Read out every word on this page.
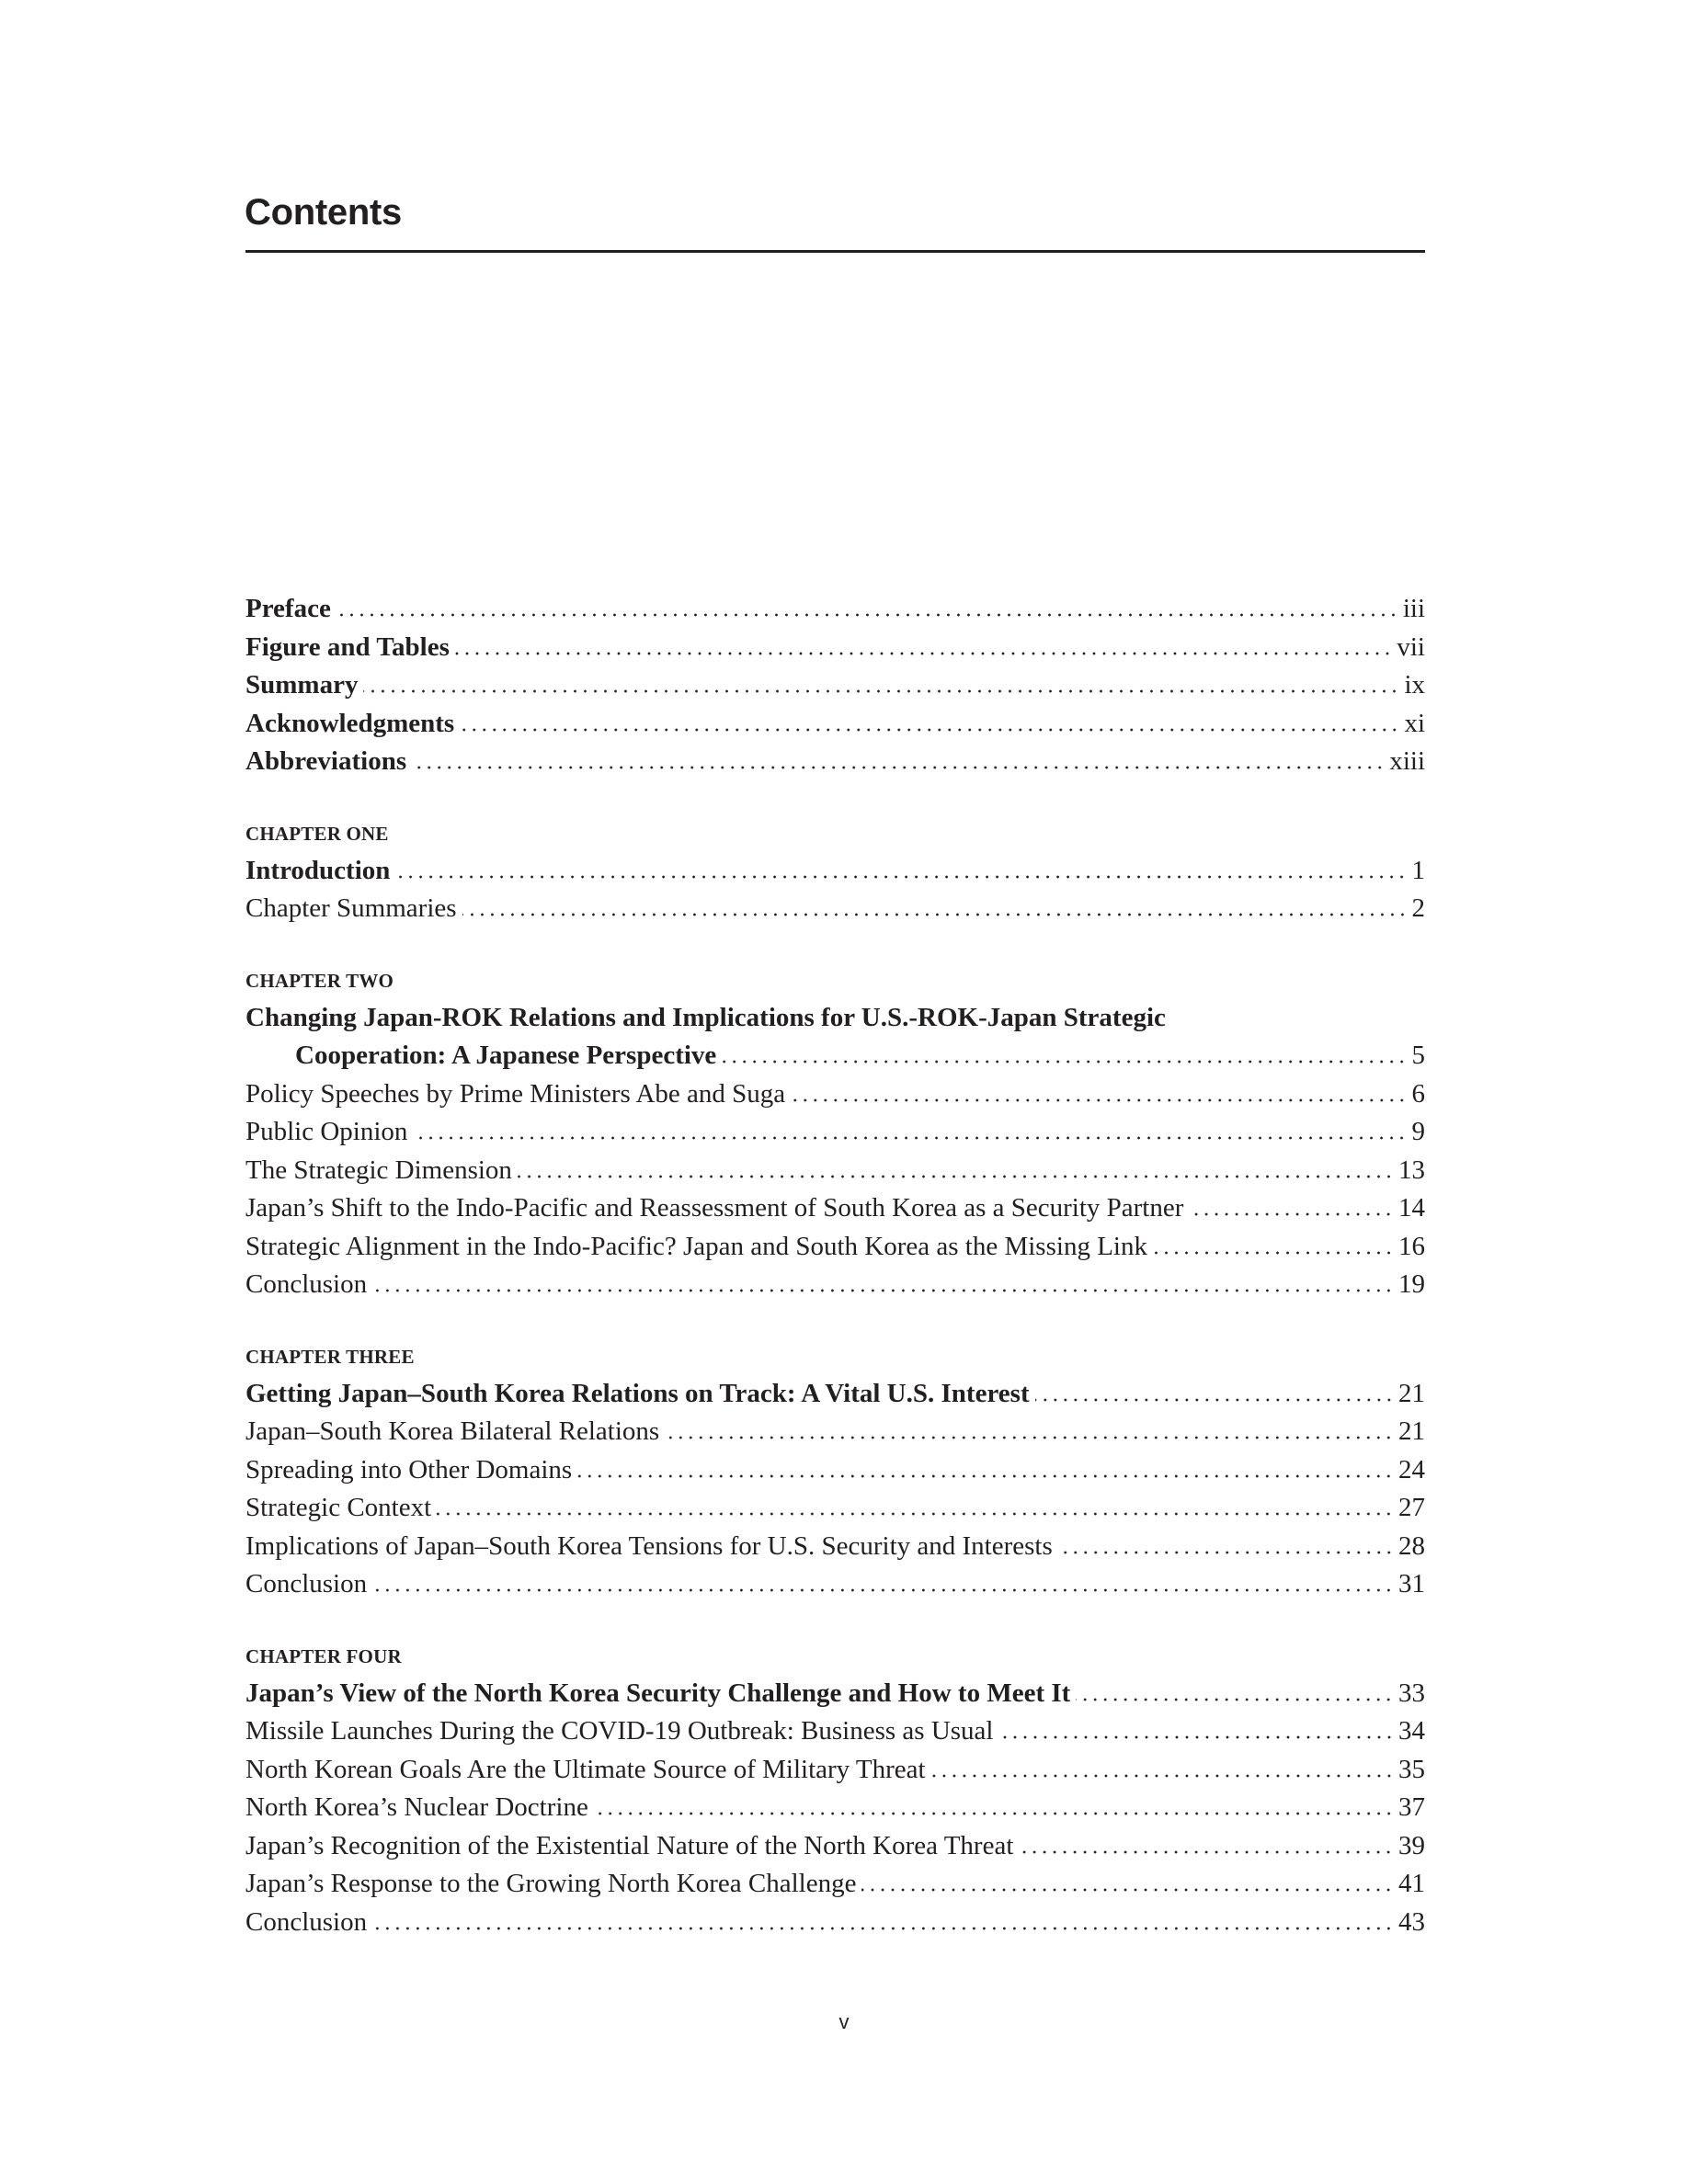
Contents
Preface	iii
Figure and Tables	vii
Summary	ix
Acknowledgments	xi
Abbreviations	xiii
CHAPTER ONE
Introduction	1
Chapter Summaries	2
CHAPTER TWO
Changing Japan-ROK Relations and Implications for U.S.-ROK-Japan Strategic
Cooperation: A Japanese Perspective	5
Policy Speeches by Prime Ministers Abe and Suga	6
Public Opinion	9
The Strategic Dimension	13
Japan’s Shift to the Indo-Pacific and Reassessment of South Korea as a Security Partner	14
Strategic Alignment in the Indo-Pacific? Japan and South Korea as the Missing Link	16
Conclusion	19
CHAPTER THREE
Getting Japan–South Korea Relations on Track: A Vital U.S. Interest	21
Japan–South Korea Bilateral Relations	21
Spreading into Other Domains	24
Strategic Context	27
Implications of Japan–South Korea Tensions for U.S. Security and Interests	28
Conclusion	31
CHAPTER FOUR
Japan’s View of the North Korea Security Challenge and How to Meet It	33
Missile Launches During the COVID-19 Outbreak: Business as Usual	34
North Korean Goals Are the Ultimate Source of Military Threat	35
North Korea’s Nuclear Doctrine	37
Japan’s Recognition of the Existential Nature of the North Korea Threat	39
Japan’s Response to the Growing North Korea Challenge	41
Conclusion	43
v
